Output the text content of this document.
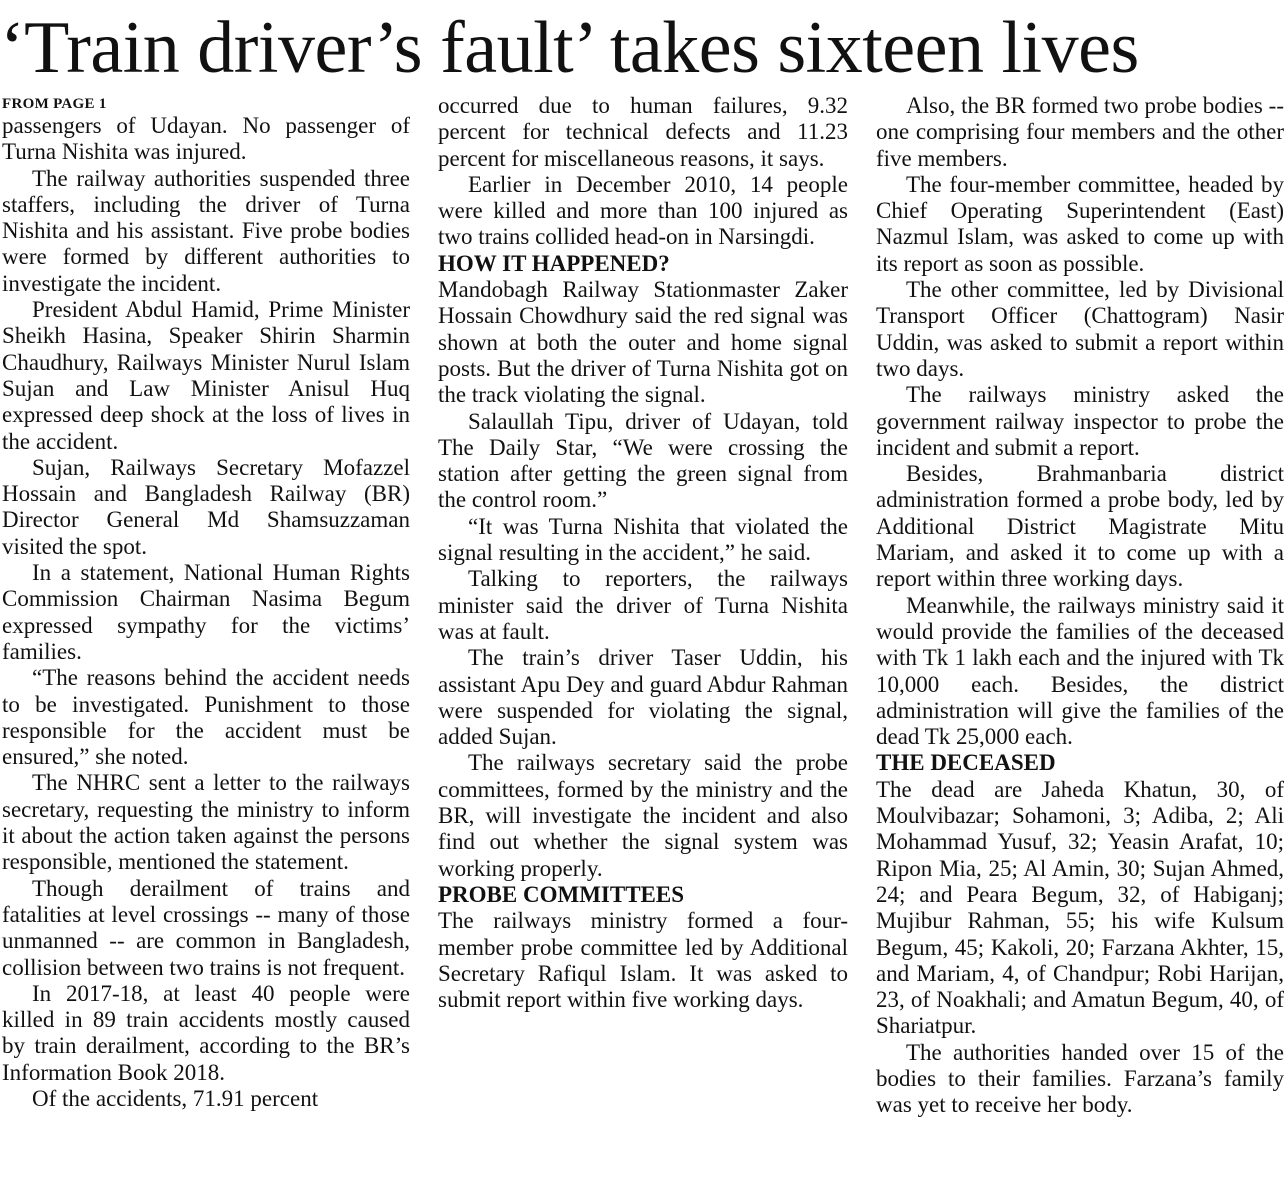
‘Train driver’s fault’ takes sixteen lives
FROM PAGE 1

passengers of Udayan. No passenger of Turna Nishita was injured.

The railway authorities suspended three staffers, including the driver of Turna Nishita and his assistant. Five probe bodies were formed by different authorities to investigate the incident.

President Abdul Hamid, Prime Minister Sheikh Hasina, Speaker Shirin Sharmin Chaudhury, Railways Minister Nurul Islam Sujan and Law Minister Anisul Huq expressed deep shock at the loss of lives in the accident.

Sujan, Railways Secretary Mofazzel Hossain and Bangladesh Railway (BR) Director General Md Shamsuzzaman visited the spot.

In a statement, National Human Rights Commission Chairman Nasima Begum expressed sympathy for the victims’ families.

“The reasons behind the accident needs to be investigated. Punishment to those responsible for the accident must be ensured,” she noted.

The NHRC sent a letter to the railways secretary, requesting the ministry to inform it about the action taken against the persons responsible, mentioned the statement.

Though derailment of trains and fatalities at level crossings -- many of those unmanned -- are common in Bangladesh, collision between two trains is not frequent.

In 2017-18, at least 40 people were killed in 89 train accidents mostly caused by train derailment, according to the BR’s Information Book 2018.

Of the accidents, 71.91 percent

occurred due to human failures, 9.32 percent for technical defects and 11.23 percent for miscellaneous reasons, it says.

Earlier in December 2010, 14 people were killed and more than 100 injured as two trains collided head-on in Narsingdi.

HOW IT HAPPENED?

Mandobagh Railway Stationmaster Zaker Hossain Chowdhury said the red signal was shown at both the outer and home signal posts. But the driver of Turna Nishita got on the track violating the signal.

Salaullah Tipu, driver of Udayan, told The Daily Star, “We were crossing the station after getting the green signal from the control room.”

“It was Turna Nishita that violated the signal resulting in the accident,” he said.

Talking to reporters, the railways minister said the driver of Turna Nishita was at fault.

The train’s driver Taser Uddin, his assistant Apu Dey and guard Abdur Rahman were suspended for violating the signal, added Sujan.

The railways secretary said the probe committees, formed by the ministry and the BR, will investigate the incident and also find out whether the signal system was working properly.

PROBE COMMITTEES

The railways ministry formed a four-member probe committee led by Additional Secretary Rafiqul Islam. It was asked to submit report within five working days.

Also, the BR formed two probe bodies -- one comprising four members and the other five members.

The four-member committee, headed by Chief Operating Superintendent (East) Nazmul Islam, was asked to come up with its report as soon as possible.

The other committee, led by Divisional Transport Officer (Chattogram) Nasir Uddin, was asked to submit a report within two days.

The railways ministry asked the government railway inspector to probe the incident and submit a report.

Besides, Brahmanbaria district administration formed a probe body, led by Additional District Magistrate Mitu Mariam, and asked it to come up with a report within three working days.

Meanwhile, the railways ministry said it would provide the families of the deceased with Tk 1 lakh each and the injured with Tk 10,000 each. Besides, the district administration will give the families of the dead Tk 25,000 each.

THE DECEASED

The dead are Jaheda Khatun, 30, of Moulvibazar; Sohamoni, 3; Adiba, 2; Ali Mohammad Yusuf, 32; Yeasin Arafat, 10; Ripon Mia, 25; Al Amin, 30; Sujan Ahmed, 24; and Peara Begum, 32, of Habiganj; Mujibur Rahman, 55; his wife Kulsum Begum, 45; Kakoli, 20; Farzana Akhter, 15, and Mariam, 4, of Chandpur; Robi Harijan, 23, of Noakhali; and Amatun Begum, 40, of Shariatpur.

The authorities handed over 15 of the bodies to their families. Farzana’s family was yet to receive her body.
